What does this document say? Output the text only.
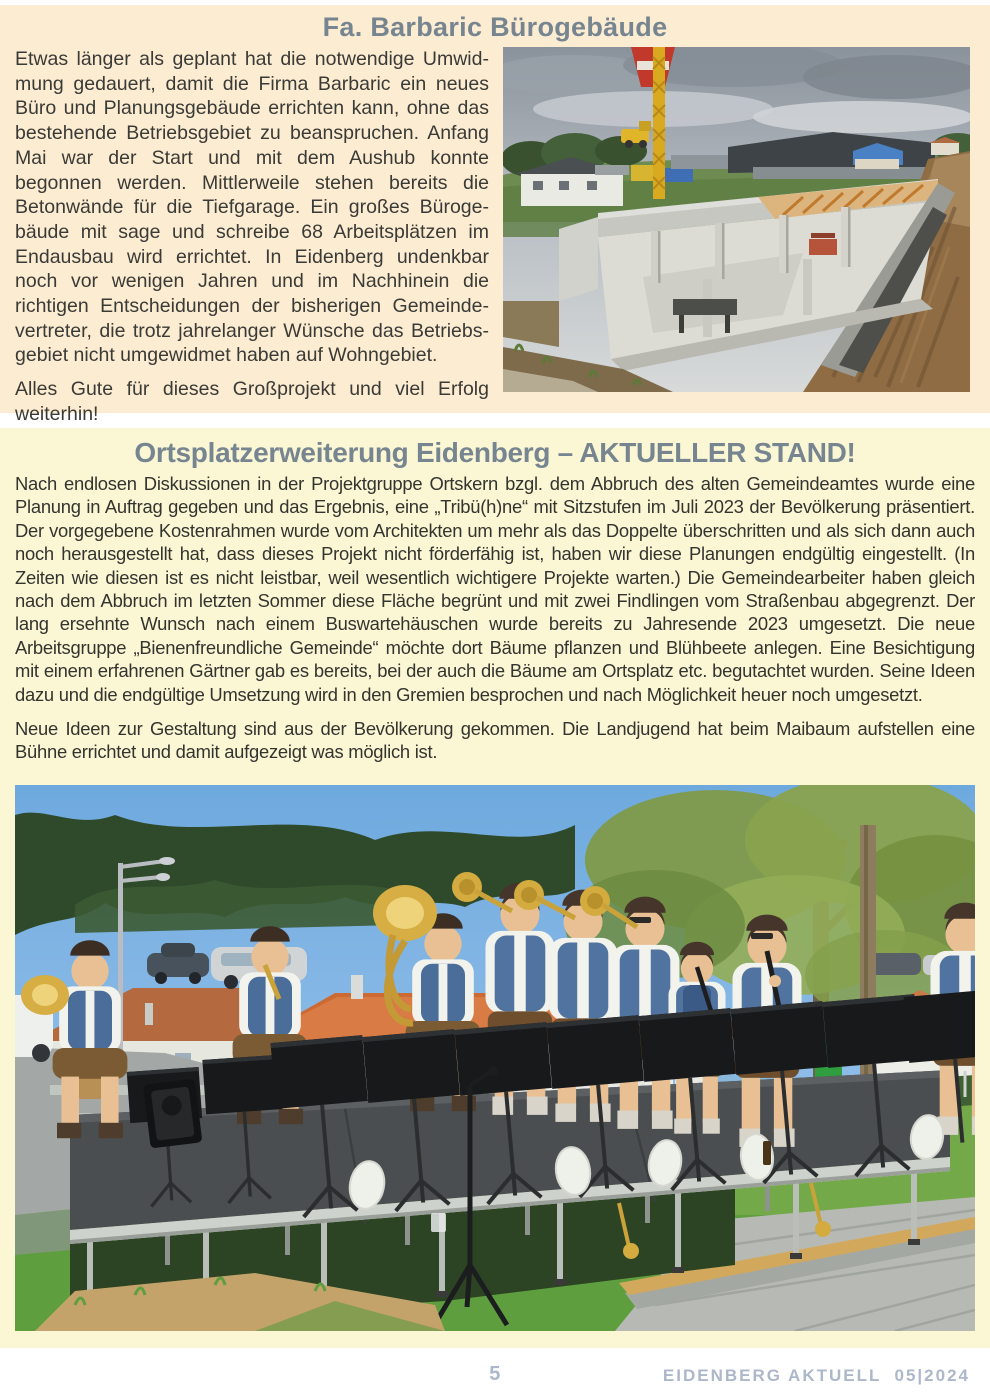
Fa. Barbaric Bürogebäude

Etwas länger als geplant hat die notwendige Umwidmung gedauert, damit die Firma Barbaric ein neues Büro und Planungsgebäude errichten kann, ohne das bestehende Betriebsgebiet zu beanspruchen. Anfang Mai war der Start und mit dem Aushub konnte begonnen werden. Mittlerweile stehen bereits die Betonwände für die Tiefgarage. Ein großes Bürogebäude mit sage und schreibe 68 Arbeitsplätzen im Endausbau wird errichtet. In Eidenberg undenkbar noch vor wenigen Jahren und im Nachhinein die richtigen Entscheidungen der bisherigen Gemeindevertreter, die trotz jahrelanger Wünsche das Betriebsgebiet nicht umgewidmet haben auf Wohngebiet.

Alles Gute für dieses Großprojekt und viel Erfolg weiterhin!

Ortsplatzerweiterung Eidenberg – AKTUELLER STAND!

Nach endlosen Diskussionen in der Projektgruppe Ortskern bzgl. dem Abbruch des alten Gemeindeamtes wurde eine Planung in Auftrag gegeben und das Ergebnis, eine „Tribü(h)ne“ mit Sitzstufen im Juli 2023 der Bevölkerung präsentiert. Der vorgegebene Kostenrahmen wurde vom Architekten um mehr als das Doppelte überschritten und als sich dann auch noch herausgestellt hat, dass dieses Projekt nicht förderfähig ist, haben wir diese Planungen endgültig eingestellt. (In Zeiten wie diesen ist es nicht leistbar, weil wesentlich wichtigere Projekte warten.) Die Gemeindearbeiter haben gleich nach dem Abbruch im letzten Sommer diese Fläche begrünt und mit zwei Findlingen vom Straßenbau abgegrenzt. Der lang ersehnte Wunsch nach einem Buswartehäuschen wurde bereits zu Jahresende 2023 umgesetzt. Die neue Arbeitsgruppe „Bienenfreundliche Gemeinde“ möchte dort Bäume pflanzen und Blühbeete anlegen. Eine Besichtigung mit einem erfahrenen Gärtner gab es bereits, bei der auch die Bäume am Ortsplatz etc. begutachtet wurden. Seine Ideen dazu und die endgültige Umsetzung wird in den Gremien besprochen und nach Möglichkeit heuer noch umgesetzt.

Neue Ideen zur Gestaltung sind aus der Bevölkerung gekommen. Die Landjugend hat beim Maibaum aufstellen eine Bühne errichtet und damit aufgezeigt was möglich ist.

5	EIDENBERG AKTUELL  05|2024
